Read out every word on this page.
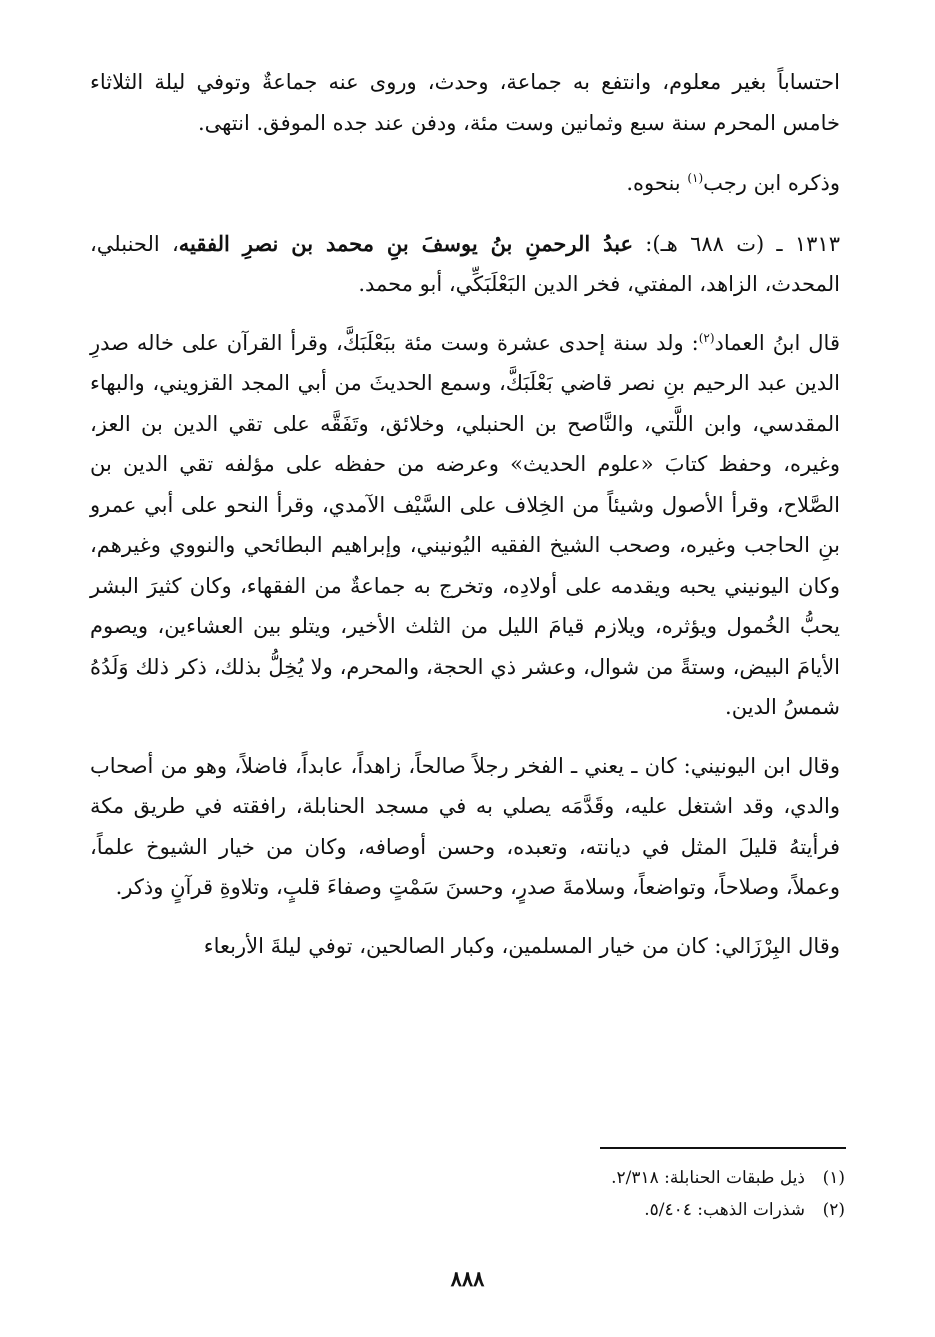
احتساباً بغير معلوم، وانتفع به جماعة، وحدث، وروى عنه جماعةٌ وتوفي ليلة الثلاثاء خامس المحرم سنة سبع وثمانين وست مئة، ودفن عند جده الموفق. انتهى.

وذكره ابن رجب$^{(١)}$ بنحوه.

١٣١٣ ـ (ت ٦٨٨ هـ): عبدُ الرحمنِ بنُ يوسفَ بنِ محمد بن نصرِ الفقيه، الحنبلي، المحدث، الزاهد، المفتي، فخر الدين البَعْلَبَكِّي، أبو محمد.

قال ابنُ العماد$^{(٢)}$: ولد سنة إحدى عشرة وست مئة ببَعْلَبَكَّ، وقرأ القرآن على خاله صدرِ الدين عبد الرحيم بنِ نصر قاضي بَعْلَبَكَّ، وسمع الحديثَ من أبي المجد القزويني، والبهاء المقدسي، وابن اللَّتي، والنَّاصح بن الحنبلي، وخلائق، وتَفَقَّه على تقي الدين بن العز، وغيره، وحفظ كتابَ «علوم الحديث» وعرضه من حفظه على مؤلفه تقي الدين بن الصَّلاح، وقرأ الأصول وشيئاً من الخِلاف على السَّيْف الآمدي، وقرأ النحو على أبي عمرو بنِ الحاجب وغيره، وصحب الشيخ الفقيه اليُونيني، وإبراهيم البطائحي والنووي وغيرهم، وكان اليونيني يحبه ويقدمه على أولادِه، وتخرج به جماعةٌ من الفقهاء، وكان كثيرَ البشر يحبُّ الخُمول ويؤثره، ويلازم قيامَ الليل من الثلث الأخير، ويتلو بين العشاءين، ويصوم الأيامَ البيض، وستةً من شوال، وعشر ذي الحجة، والمحرم، ولا يُخِلُّ بذلك، ذكر ذلك وَلَدُهُ شمسُ الدين.

وقال ابن اليونيني: كان ـ يعني ـ الفخر رجلاً صالحاً، زاهداً، عابداً، فاضلاً، وهو من أصحاب والدي، وقد اشتغل عليه، وقَدَّمَه يصلي به في مسجد الحنابلة، رافقته في طريق مكة فرأيتهُ قليلَ المثل في ديانته، وتعبده، وحسن أوصافه، وكان من خيار الشيوخ علماً، وعملاً، وصلاحاً، وتواضعاً، وسلامةَ صدرٍ، وحسنَ سَمْتٍ وصفاءَ قلبٍ، وتلاوةِ قرآنٍ وذكر.

وقال البِرْزَالي: كان من خيار المسلمين، وكبار الصالحين، توفي ليلةَ الأربعاء

(١)ذيل طبقات الحنابلة: ٢/٣١٨.
(٢)شذرات الذهب: ٥/٤٠٤.
٨٨٨
